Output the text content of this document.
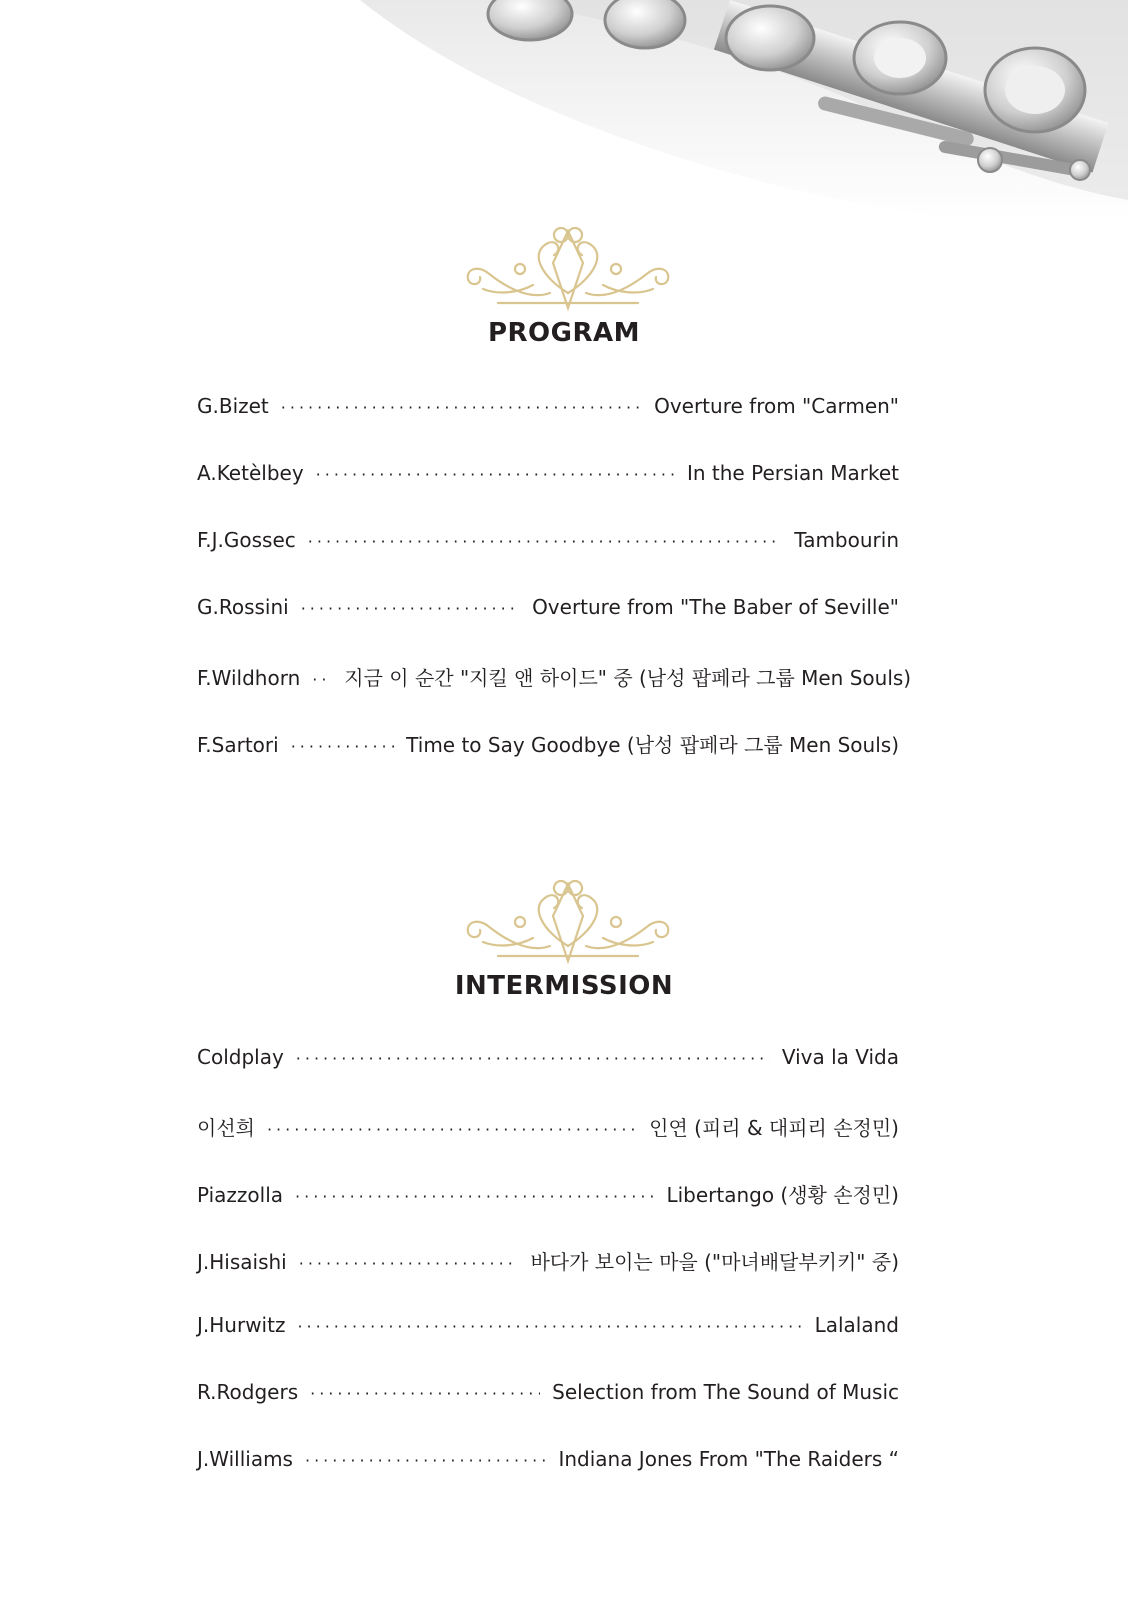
PROGRAM
G.Bizet ·····	Overture from "Carmen"
A.Ketèlbey ·····	In the Persian Market
F.J.Gossec ·····	Tambourin
G.Rossini ·····	Overture from "The Baber of Seville"
F.Wildhorn ·····	지금 이 순간 "지킬 앤 하이드" 중 (남성 팝페라 그룹 Men Souls)
F.Sartori ·····	Time to Say Goodbye (남성 팝페라 그룹 Men Souls)
INTERMISSION
Coldplay ·····	Viva la Vida
이선희 ·····	인연 (피리 & 대피리 손정민)
Piazzolla ·····	Libertango (생황 손정민)
J.Hisaishi ·····	바다가 보이는 마을 ("마녀배달부키키" 중)
J.Hurwitz ·····	Lalaland
R.Rodgers ·····	Selection from The Sound of Music
J.Williams ·····	Indiana Jones From "The Raiders “
